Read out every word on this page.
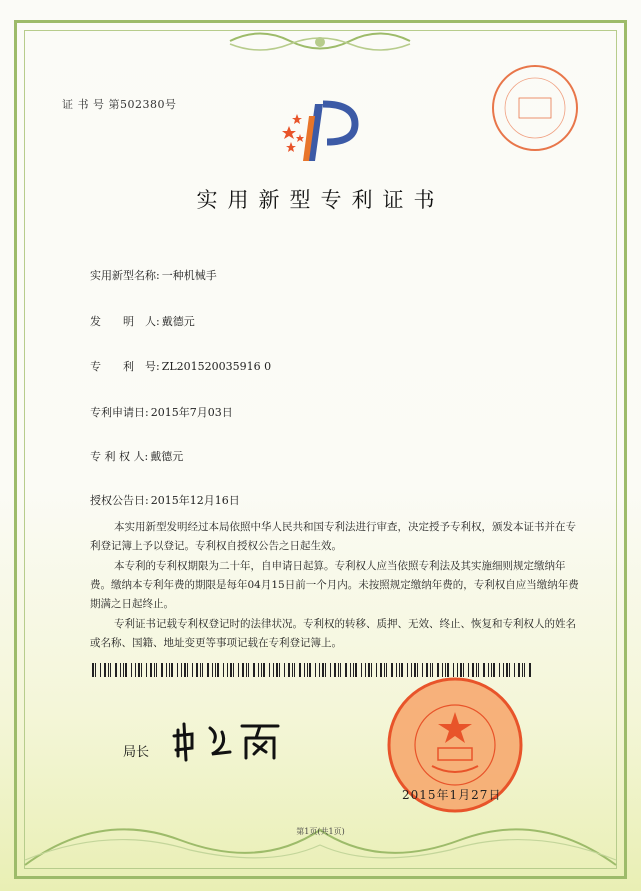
证 书 号 第502380号
实用新型专利证书
实用新型名称: 一种机械手
发　　明　人: 戴德元
专　　利　号: ZL201520035916 0
专利申请日: 2015年7月03日
专 利 权 人: 戴德元
授权公告日: 2015年12月16日
本实用新型发明经过本局依照中华人民共和国专利法进行审查，决定授予专利权，颁发本证书并在专利登记簿上予以登记。专利权自授权公告之日起生效。
本专利的专利权期限为二十年，自申请日起算。专利权人应当依照专利法及其实施细则规定缴纳年费。缴纳本专利年费的期限是每年04月15日前一个月内。未按照规定缴纳年费的，专利权自应当缴纳年费期满之日起终止。
专利证书记载专利权登记时的法律状况。专利权的转移、质押、无效、终止、恢复和专利权人的姓名或名称、国籍、地址变更等事项记载在专利登记簿上。
局长
2015年1月27日
第1页(共1页)
